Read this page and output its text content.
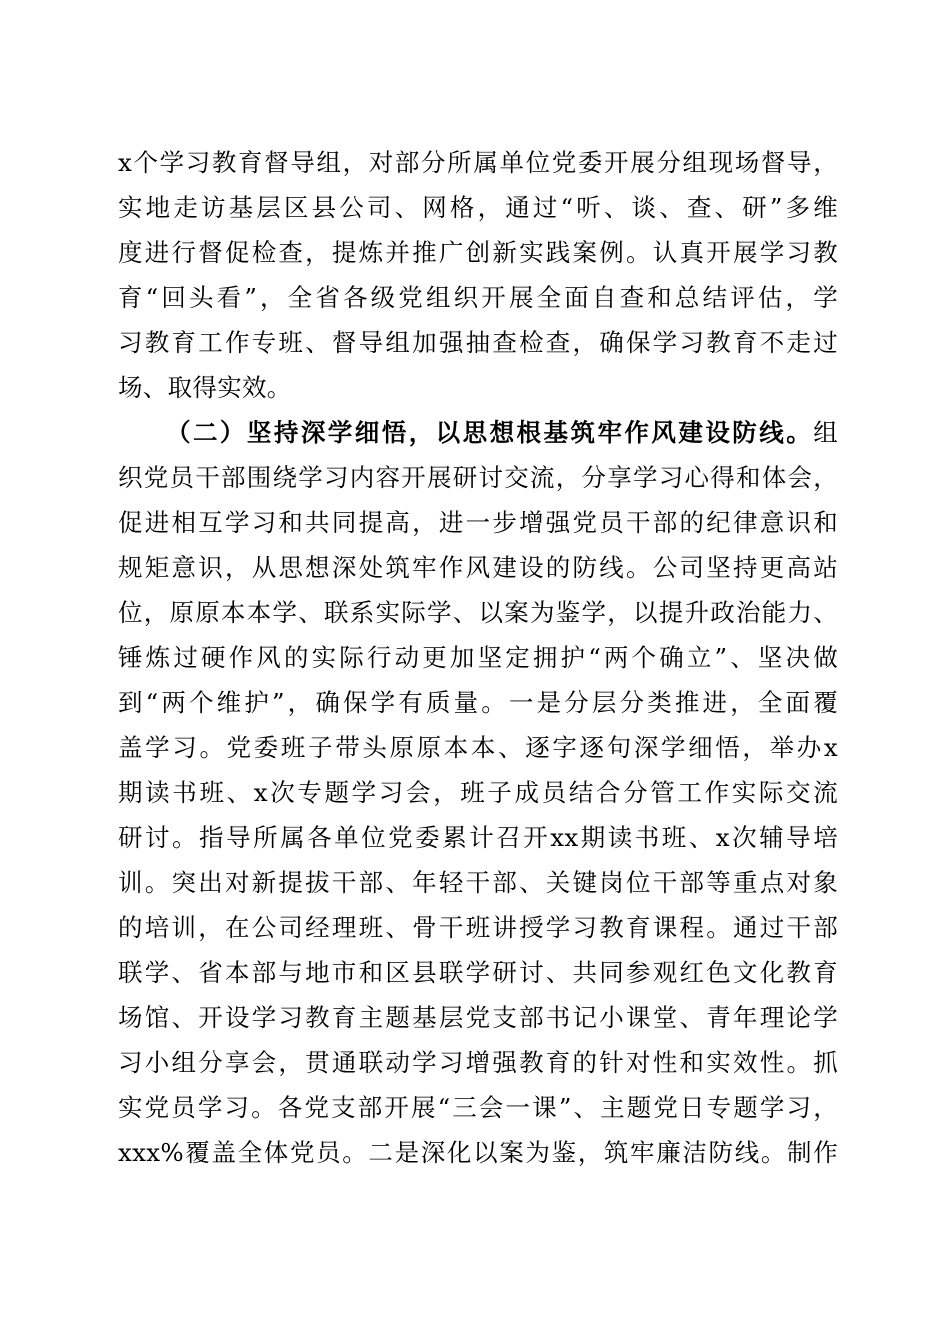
x个学习教育督导组，对部分所属单位党委开展分组现场督导，
实地走访基层区县公司、网格，通过“听、谈、查、研”多维
度进行督促检查，提炼并推广创新实践案例。认真开展学习教
育“回头看”，全省各级党组织开展全面自查和总结评估，学
习教育工作专班、督导组加强抽查检查，确保学习教育不走过
场、取得实效。
（二）坚持深学细悟，以思想根基筑牢作风建设防线。组
织党员干部围绕学习内容开展研讨交流，分享学习心得和体会，
促进相互学习和共同提高，进一步增强党员干部的纪律意识和
规矩意识，从思想深处筑牢作风建设的防线。公司坚持更高站
位，原原本本学、联系实际学、以案为鉴学，以提升政治能力、
锤炼过硬作风的实际行动更加坚定拥护“两个确立”、坚决做
到“两个维护”，确保学有质量。一是分层分类推进，全面覆
盖学习。党委班子带头原原本本、逐字逐句深学细悟，举办x
期读书班、x次专题学习会，班子成员结合分管工作实际交流
研讨。指导所属各单位党委累计召开xx期读书班、x次辅导培
训。突出对新提拔干部、年轻干部、关键岗位干部等重点对象
的培训，在公司经理班、骨干班讲授学习教育课程。通过干部
联学、省本部与地市和区县联学研讨、共同参观红色文化教育
场馆、开设学习教育主题基层党支部书记小课堂、青年理论学
习小组分享会，贯通联动学习增强教育的针对性和实效性。抓
实党员学习。各党支部开展“三会一课”、主题党日专题学习，
xxx%覆盖全体党员。二是深化以案为鉴，筑牢廉洁防线。制作
